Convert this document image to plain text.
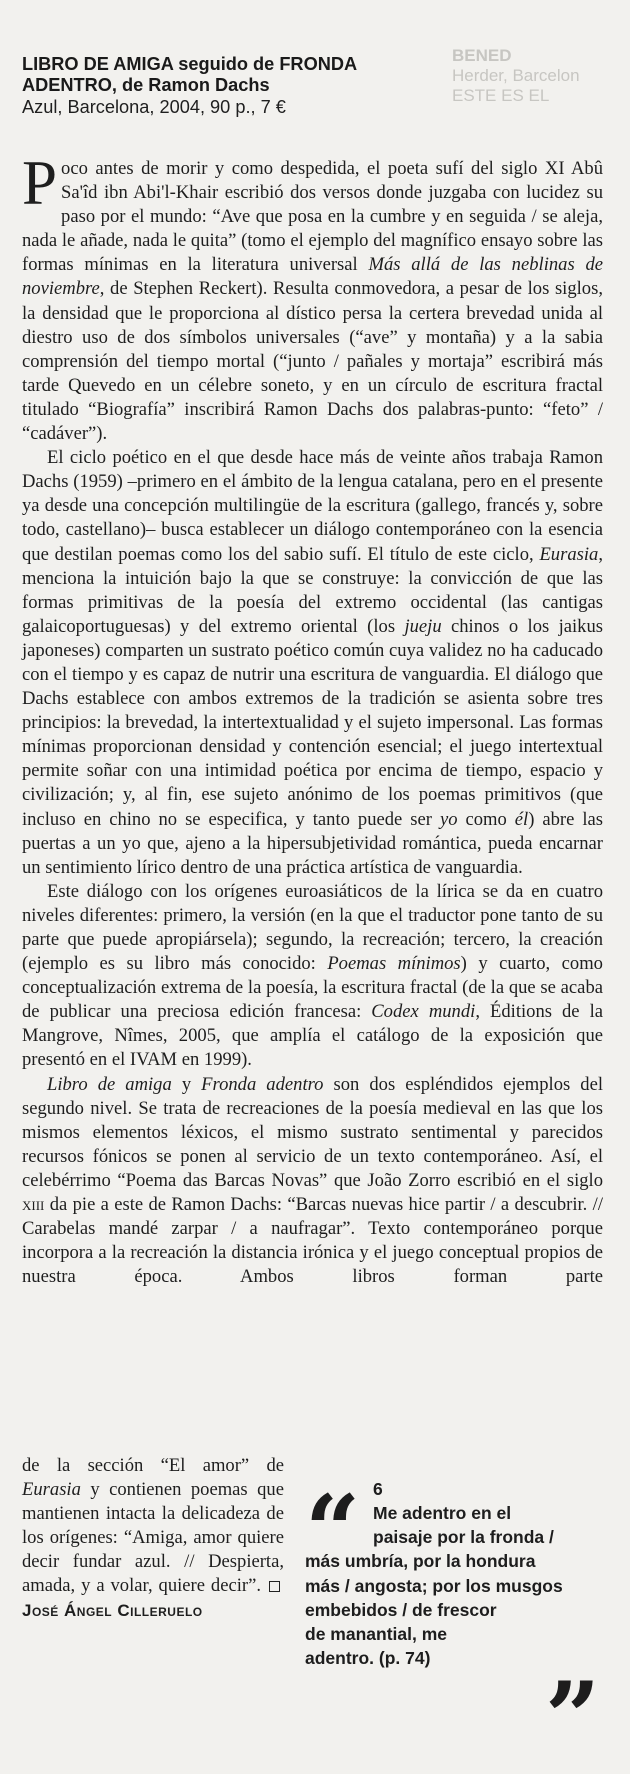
BENED
Herder, Barcelon
ESTE ES EL
LIBRO DE AMIGA seguido de FRONDA ADENTRO, de Ramon Dachs
Azul, Barcelona, 2004, 90 p., 7 €

Poco antes de morir y como despedida, el poeta sufí del siglo XI Abû Sa'îd ibn Abi'l-Khair escribió dos versos donde juzgaba con lucidez su paso por el mundo: “Ave que posa en la cumbre y en seguida / se aleja, nada le añade, nada le quita” (tomo el ejemplo del magnífico ensayo sobre las formas mínimas en la literatura universal Más allá de las neblinas de noviembre, de Stephen Reckert). Resulta conmovedora, a pesar de los siglos, la densidad que le proporciona al dístico persa la certera brevedad unida al diestro uso de dos símbolos universales (“ave” y montaña) y a la sabia comprensión del tiempo mortal (“junto / pañales y mortaja” escribirá más tarde Quevedo en un célebre soneto, y en un círculo de escritura fractal titulado “Biografía” inscribirá Ramon Dachs dos palabras-punto: “feto” / “cadáver”).

El ciclo poético en el que desde hace más de veinte años trabaja Ramon Dachs (1959) –primero en el ámbito de la lengua catalana, pero en el presente ya desde una concepción multilingüe de la escritura (gallego, francés y, sobre todo, castellano)– busca establecer un diálogo contemporáneo con la esencia que destilan poemas como los del sabio sufí. El título de este ciclo, Eurasia, menciona la intuición bajo la que se construye: la convicción de que las formas primitivas de la poesía del extremo occidental (las cantigas galaicoportuguesas) y del extremo oriental (los jueju chinos o los jaikus japoneses) comparten un sustrato poético común cuya validez no ha caducado con el tiempo y es capaz de nutrir una escritura de vanguardia. El diálogo que Dachs establece con ambos extremos de la tradición se asienta sobre tres principios: la brevedad, la intertextualidad y el sujeto impersonal. Las formas mínimas proporcionan densidad y contención esencial; el juego intertextual permite soñar con una intimidad poética por encima de tiempo, espacio y civilización; y, al fin, ese sujeto anónimo de los poemas primitivos (que incluso en chino no se especifica, y tanto puede ser yo como él) abre las puertas a un yo que, ajeno a la hipersubjetividad romántica, pueda encarnar un sentimiento lírico dentro de una práctica artística de vanguardia.

Este diálogo con los orígenes euroasiáticos de la lírica se da en cuatro niveles diferentes: primero, la versión (en la que el traductor pone tanto de su parte que puede apropiársela); segundo, la recreación; tercero, la creación (ejemplo es su libro más conocido: Poemas mínimos) y cuarto, como conceptualización extrema de la poesía, la escritura fractal (de la que se acaba de publicar una preciosa edición francesa: Codex mundi, Éditions de la Mangrove, Nîmes, 2005, que amplía el catálogo de la exposición que presentó en el IVAM en 1999).

Libro de amiga y Fronda adentro son dos espléndidos ejemplos del segundo nivel. Se trata de recreaciones de la poesía medieval en las que los mismos elementos léxicos, el mismo sustrato sentimental y parecidos recursos fónicos se ponen al servicio de un texto contemporáneo. Así, el celebérrimo “Poema das Barcas Novas” que João Zorro escribió en el siglo xiii da pie a este de Ramon Dachs: “Barcas nuevas hice partir / a descubrir. // Carabelas mandé zarpar / a naufragar”. Texto contemporáneo porque incorpora a la recreación la distancia irónica y el juego conceptual propios de nuestra época. Ambos libros forman parte

de la sección “El amor” de Eurasia y contienen poemas que mantienen intacta la delicadeza de los orígenes: “Amiga, amor quiere decir fundar azul. // Despierta, amada, y a volar, quiere decir”.José Ángel Cilleruelo

“ 6
Me adentro en el
paisaje por la fronda /
más umbría, por la hondura
más / angosta; por los musgos
embebidos / de frescor
de manantial, me
adentro. (p. 74)
”
